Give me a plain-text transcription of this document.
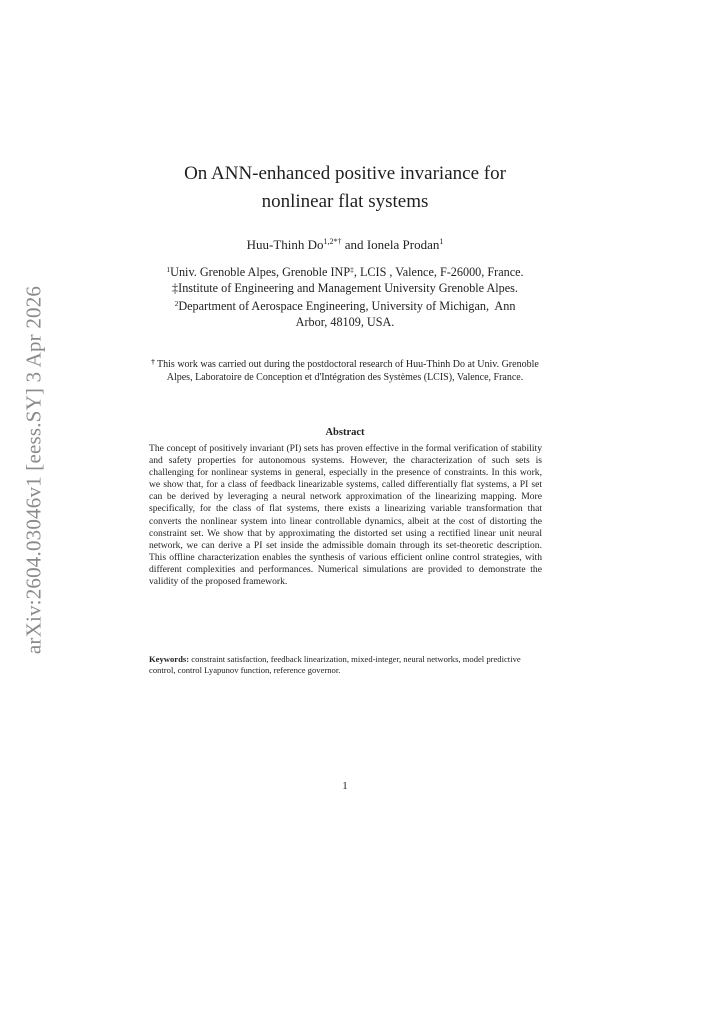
arXiv:2604.03046v1 [eess.SY] 3 Apr 2026
On ANN-enhanced positive invariance for
nonlinear flat systems
Huu-Thinh $Do^{1,2*\dagger}$ and Ionela Prodan$^1$
$^1$Univ. Grenoble Alpes, Grenoble INP‡, LCIS , Valence, F-26000, France.
‡Institute of Engineering and Management University Grenoble Alpes.
$^2$Department of Aerospace Engineering, University of Michigan,  Ann
Arbor, 48109, USA.
† This work was carried out during the postdoctoral research of Huu-Thinh Do at Univ. Grenoble Alpes, Laboratoire de Conception et d'Intégration des Systèmes (LCIS), Valence, France.
Abstract
The concept of positively invariant (PI) sets has proven effective in the formal verification of stability and safety properties for autonomous systems. However, the characterization of such sets is challenging for nonlinear systems in general, especially in the presence of constraints. In this work, we show that, for a class of feedback linearizable systems, called differentially flat systems, a PI set can be derived by leveraging a neural network approximation of the linearizing mapping. More specifically, for the class of flat systems, there exists a linearizing variable transformation that converts the nonlinear system into linear controllable dynamics, albeit at the cost of distorting the constraint set. We show that by approximating the distorted set using a rectified linear unit neural network, we can derive a PI set inside the admissible domain through its set-theoretic description. This offline characterization enables the synthesis of various efficient online control strategies, with different complexities and performances. Numerical simulations are provided to demonstrate the validity of the proposed framework.
Keywords: constraint satisfaction, feedback linearization, mixed-integer, neural networks, model predictive control, control Lyapunov function, reference governor.
1
